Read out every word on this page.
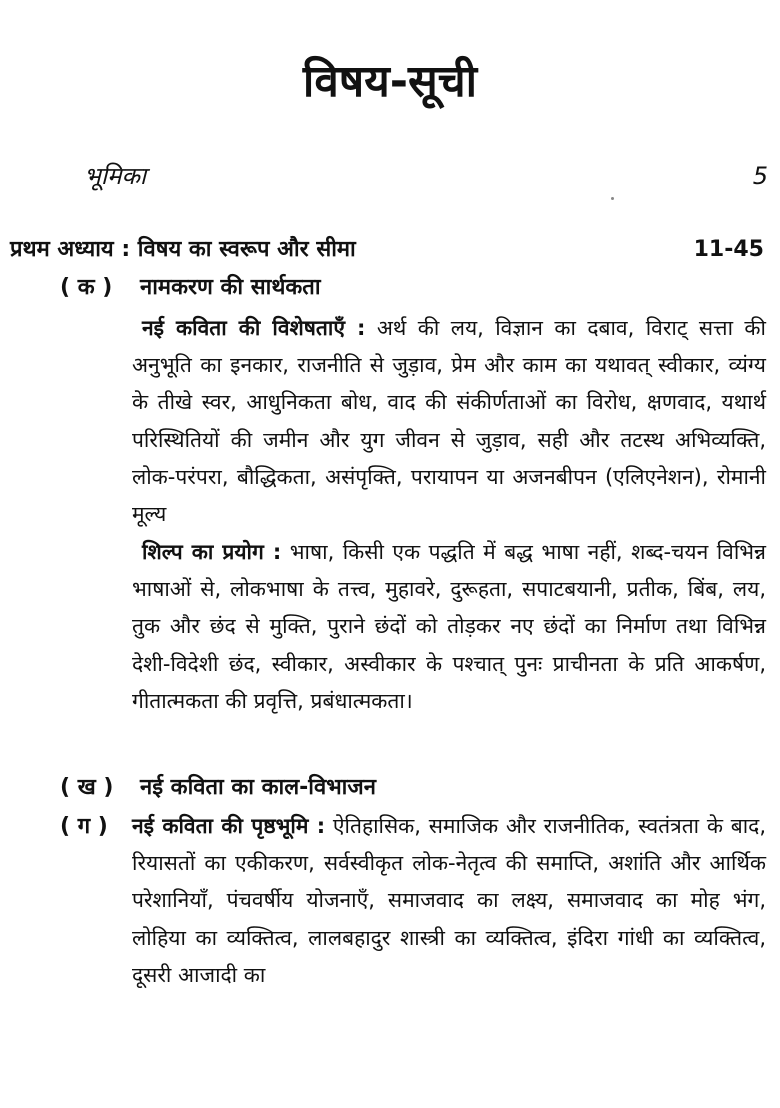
विषय-सूची
भूमिका	5
प्रथम अध्याय : विषय का स्वरूप और सीमा	11-45
( क ) नामकरण की सार्थकता
नई कविता की विशेषताएँ : अर्थ की लय, विज्ञान का दबाव, विराट् सत्ता की अनुभूति का इनकार, राजनीति से जुड़ाव, प्रेम और काम का यथावत् स्वीकार, व्यंग्य के तीखे स्वर, आधुनिकता बोध, वाद की संकीर्णताओं का विरोध, क्षणवाद, यथार्थ परिस्थितियों की जमीन और युग जीवन से जुड़ाव, सही और तटस्थ अभिव्यक्ति, लोक-परंपरा, बौद्धिकता, असंपृक्ति, परायापन या अजनबीपन (एलिएनेशन), रोमानी मूल्य
शिल्प का प्रयोग : भाषा, किसी एक पद्धति में बद्ध भाषा नहीं, शब्द-चयन विभिन्न भाषाओं से, लोकभाषा के तत्त्व, मुहावरे, दुरूहता, सपाटबयानी, प्रतीक, बिंब, लय, तुक और छंद से मुक्ति, पुराने छंदों को तोड़कर नए छंदों का निर्माण तथा विभिन्न देशी-विदेशी छंद, स्वीकार, अस्वीकार के पश्चात् पुनः प्राचीनता के प्रति आकर्षण, गीतात्मकता की प्रवृत्ति, प्रबंधात्मकता।
( ख ) नई कविता का काल-विभाजन
( ग ) नई कविता की पृष्ठभूमि : ऐतिहासिक, समाजिक और राजनीतिक, स्वतंत्रता के बाद, रियासतों का एकीकरण, सर्वस्वीकृत लोक-नेतृत्व की समाप्ति, अशांति और आर्थिक परेशानियाँ, पंचवर्षीय योजनाएँ, समाजवाद का लक्ष्य, समाजवाद का मोह भंग, लोहिया का व्यक्तित्व, लालबहादुर शास्त्री का व्यक्तित्व, इंदिरा गांधी का व्यक्तित्व, दूसरी आजादी का
